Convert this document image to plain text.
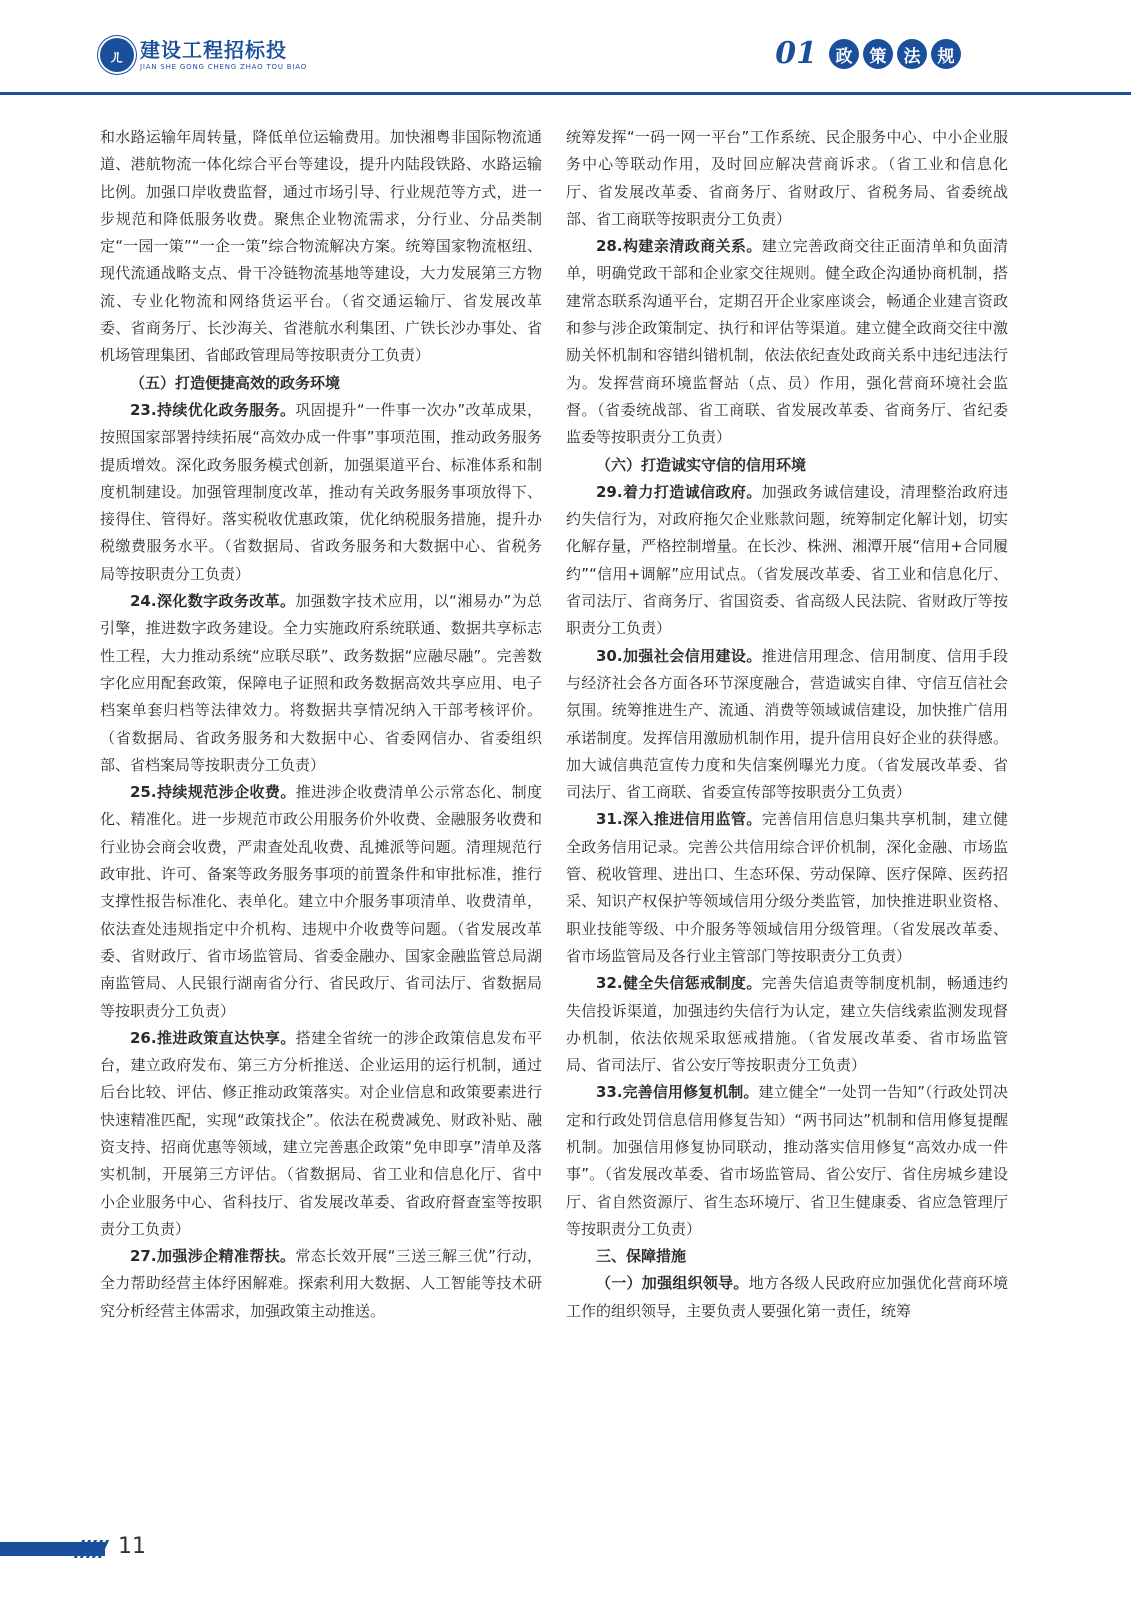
ㄦ 建设工程招标投
JIAN SHE GONG CHENG ZHAO TOU BIAO	01	政	策	法	规

和水路运输年周转量，降低单位运输费用。加快湘粤非国际物流通道、港航物流一体化综合平台等建设，提升内陆段铁路、水路运输比例。加强口岸收费监督，通过市场引导、行业规范等方式，进一步规范和降低服务收费。聚焦企业物流需求，分行业、分品类制定“一园一策”“一企一策”综合物流解决方案。统筹国家物流枢纽、现代流通战略支点、骨干冷链物流基地等建设，大力发展第三方物流、专业化物流和网络货运平台。（省交通运输厅、省发展改革委、省商务厅、长沙海关、省港航水利集团、广铁长沙办事处、省机场管理集团、省邮政管理局等按职责分工负责）

（五）打造便捷高效的政务环境

23.持续优化政务服务。巩固提升“一件事一次办”改革成果，按照国家部署持续拓展“高效办成一件事”事项范围，推动政务服务提质增效。深化政务服务模式创新，加强渠道平台、标准体系和制度机制建设。加强管理制度改革，推动有关政务服务事项放得下、接得住、管得好。落实税收优惠政策，优化纳税服务措施，提升办税缴费服务水平。（省数据局、省政务服务和大数据中心、省税务局等按职责分工负责）

24.深化数字政务改革。加强数字技术应用，以“湘易办”为总引擎，推进数字政务建设。全力实施政府系统联通、数据共享标志性工程，大力推动系统“应联尽联”、政务数据“应融尽融”。完善数字化应用配套政策，保障电子证照和政务数据高效共享应用、电子档案单套归档等法律效力。将数据共享情况纳入干部考核评价。（省数据局、省政务服务和大数据中心、省委网信办、省委组织部、省档案局等按职责分工负责）

25.持续规范涉企收费。推进涉企收费清单公示常态化、制度化、精准化。进一步规范市政公用服务价外收费、金融服务收费和行业协会商会收费，严肃查处乱收费、乱摊派等问题。清理规范行政审批、许可、备案等政务服务事项的前置条件和审批标准，推行支撑性报告标准化、表单化。建立中介服务事项清单、收费清单，依法查处违规指定中介机构、违规中介收费等问题。（省发展改革委、省财政厅、省市场监管局、省委金融办、国家金融监管总局湖南监管局、人民银行湖南省分行、省民政厅、省司法厅、省数据局等按职责分工负责）

26.推进政策直达快享。搭建全省统一的涉企政策信息发布平台，建立政府发布、第三方分析推送、企业运用的运行机制，通过后台比较、评估、修正推动政策落实。对企业信息和政策要素进行快速精准匹配，实现“政策找企”。依法在税费减免、财政补贴、融资支持、招商优惠等领域，建立完善惠企政策“免申即享”清单及落实机制，开展第三方评估。（省数据局、省工业和信息化厅、省中小企业服务中心、省科技厅、省发展改革委、省政府督查室等按职责分工负责）

27.加强涉企精准帮扶。常态长效开展“三送三解三优”行动，全力帮助经营主体纾困解难。探索利用大数据、人工智能等技术研究分析经营主体需求，加强政策主动推送。

统筹发挥“一码一网一平台”工作系统、民企服务中心、中小企业服务中心等联动作用，及时回应解决营商诉求。（省工业和信息化厅、省发展改革委、省商务厅、省财政厅、省税务局、省委统战部、省工商联等按职责分工负责）

28.构建亲清政商关系。建立完善政商交往正面清单和负面清单，明确党政干部和企业家交往规则。健全政企沟通协商机制，搭建常态联系沟通平台，定期召开企业家座谈会，畅通企业建言资政和参与涉企政策制定、执行和评估等渠道。建立健全政商交往中激励关怀机制和容错纠错机制，依法依纪查处政商关系中违纪违法行为。发挥营商环境监督站（点、员）作用，强化营商环境社会监督。（省委统战部、省工商联、省发展改革委、省商务厅、省纪委监委等按职责分工负责）

（六）打造诚实守信的信用环境

29.着力打造诚信政府。加强政务诚信建设，清理整治政府违约失信行为，对政府拖欠企业账款问题，统筹制定化解计划，切实化解存量，严格控制增量。在长沙、株洲、湘潭开展“信用+合同履约”“信用+调解”应用试点。（省发展改革委、省工业和信息化厅、省司法厅、省商务厅、省国资委、省高级人民法院、省财政厅等按职责分工负责）

30.加强社会信用建设。推进信用理念、信用制度、信用手段与经济社会各方面各环节深度融合，营造诚实自律、守信互信社会氛围。统筹推进生产、流通、消费等领域诚信建设，加快推广信用承诺制度。发挥信用激励机制作用，提升信用良好企业的获得感。加大诚信典范宣传力度和失信案例曝光力度。（省发展改革委、省司法厅、省工商联、省委宣传部等按职责分工负责）

31.深入推进信用监管。完善信用信息归集共享机制，建立健全政务信用记录。完善公共信用综合评价机制，深化金融、市场监管、税收管理、进出口、生态环保、劳动保障、医疗保障、医药招采、知识产权保护等领域信用分级分类监管，加快推进职业资格、职业技能等级、中介服务等领域信用分级管理。（省发展改革委、省市场监管局及各行业主管部门等按职责分工负责）

32.健全失信惩戒制度。完善失信追责等制度机制，畅通违约失信投诉渠道，加强违约失信行为认定，建立失信线索监测发现督办机制，依法依规采取惩戒措施。（省发展改革委、省市场监管局、省司法厅、省公安厅等按职责分工负责）

33.完善信用修复机制。建立健全“一处罚一告知”（行政处罚决定和行政处罚信息信用修复告知）“两书同达”机制和信用修复提醒机制。加强信用修复协同联动，推动落实信用修复“高效办成一件事”。（省发展改革委、省市场监管局、省公安厅、省住房城乡建设厅、省自然资源厅、省生态环境厅、省卫生健康委、省应急管理厅等按职责分工负责）

三、保障措施

（一）加强组织领导。地方各级人民政府应加强优化营商环境工作的组织领导，主要负责人要强化第一责任，统筹

11
